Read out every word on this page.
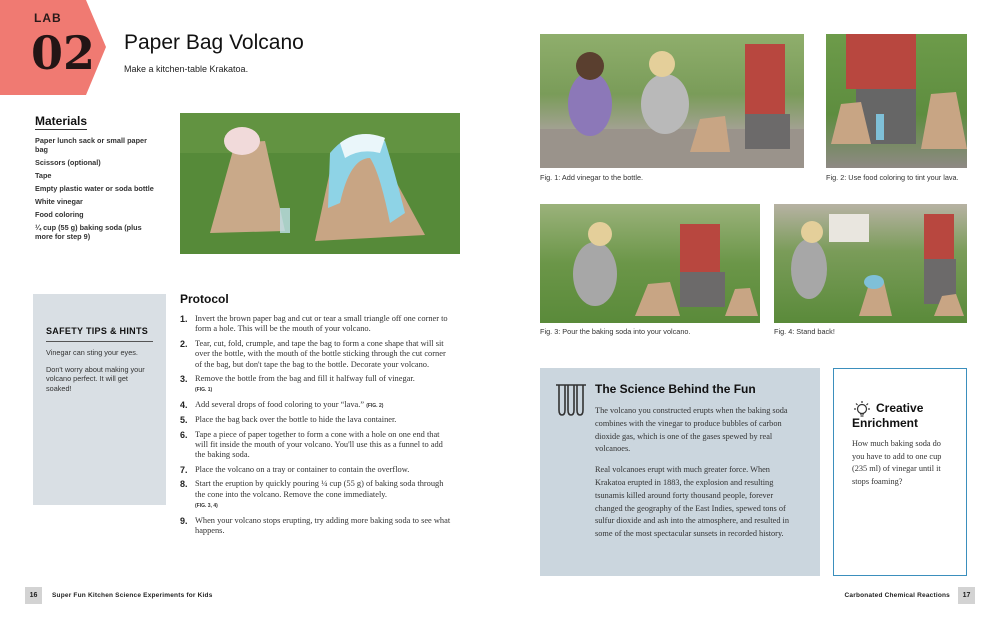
LAB
02 Paper Bag Volcano
Make a kitchen-table Krakatoa.
Materials
Paper lunch sack or small paper bag
Scissors (optional)
Tape
Empty plastic water or soda bottle
White vinegar
Food coloring
¼ cup (55 g) baking soda (plus more for step 9)
SAFETY TIPS & HINTS

Vinegar can sting your eyes.

Don't worry about making your volcano perfect. It will get soaked!

Protocol
1. Invert the brown paper bag and cut or tear a small triangle off one corner to form a hole. This will be the mouth of your volcano.
2. Tear, cut, fold, crumple, and tape the bag to form a cone shape that will sit over the bottle, with the mouth of the bottle sticking through the cut corner of the bag, but don't tape the bag to the bottle. Decorate your volcano.
3. Remove the bottle from the bag and fill it halfway full of vinegar.
(FIG. 1)
4. Add several drops of food coloring to your “lava.” (FIG. 2)
5. Place the bag back over the bottle to hide the lava container.
6. Tape a piece of paper together to form a cone with a hole on one end that will fit inside the mouth of your volcano. You'll use this as a funnel to add the baking soda.
7. Place the volcano on a tray or container to contain the overflow.
8. Start the eruption by quickly pouring ¼ cup (55 g) of baking soda through the cone into the volcano. Remove the cone immediately.
(FIG. 3, 4)
9. When your volcano stops erupting, try adding more baking soda to see what happens.
Fig. 1: Add vinegar to the bottle.	Fig. 2: Use food coloring to tint your lava.
Fig. 3: Pour the baking soda into your volcano.	Fig. 4: Stand back!
The Science Behind the Fun

The volcano you constructed erupts when the baking soda combines with the vinegar to produce bubbles of carbon dioxide gas, which is one of the gases spewed by real volcanoes.

Real volcanoes erupt with much greater force. When Krakatoa erupted in 1883, the explosion and resulting tsunamis killed around forty thousand people, forever changed the geography of the East Indies, spewed tons of sulfur dioxide and ash into the atmosphere, and resulted in some of the most spectacular sunsets in recorded history.

Creative
Enrichment

How much baking soda do you have to add to one cup (235 ml) of vinegar until it stops foaming?

16	Super Fun Kitchen Science Experiments for Kids	Carbonated Chemical Reactions	17
